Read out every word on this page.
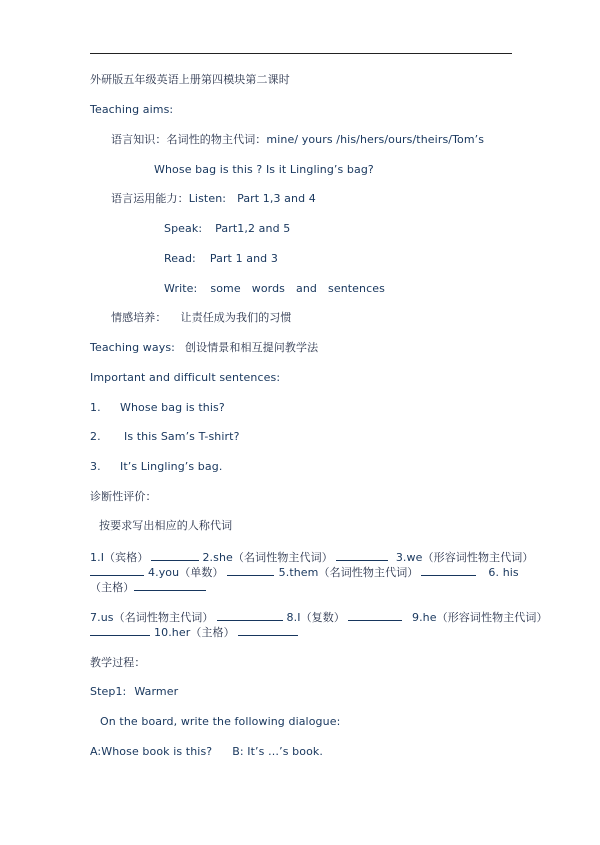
外研版五年级英语上册第四模块第二课时
Teaching aims:
语言知识：名词性的物主代词：mine/ yours /his/hers/ours/theirs/Tom’s
Whose bag is this ? Is it Lingling’s bag?
语言运用能力：Listen: Part 1,3 and 4
Speak: Part1,2 and 5
Read: Part 1 and 3
Write: some words and sentences
情感培养： 让责任成为我们的习惯
Teaching ways: 创设情景和相互提问教学法
Important and difficult sentences:
1. Whose bag is this?
2. Is this Sam’s T-shirt?
3. It’s Lingling’s bag.
诊断性评价：
按要求写出相应的人称代词
1.I（宾格）	2.she（名词性物主代词）	3.we（形容词性物主代词）
4.you（单数）	5.them（名词性物主代词）	6. his
（主格）
7.us（名词性物主代词）	8.I（复数）	9.he（形容词性物主代词）
10.her（主格）
教学过程：
Step1: Warmer
On the board, write the following dialogue:
A:Whose book is this? B: It’s …’s book.
